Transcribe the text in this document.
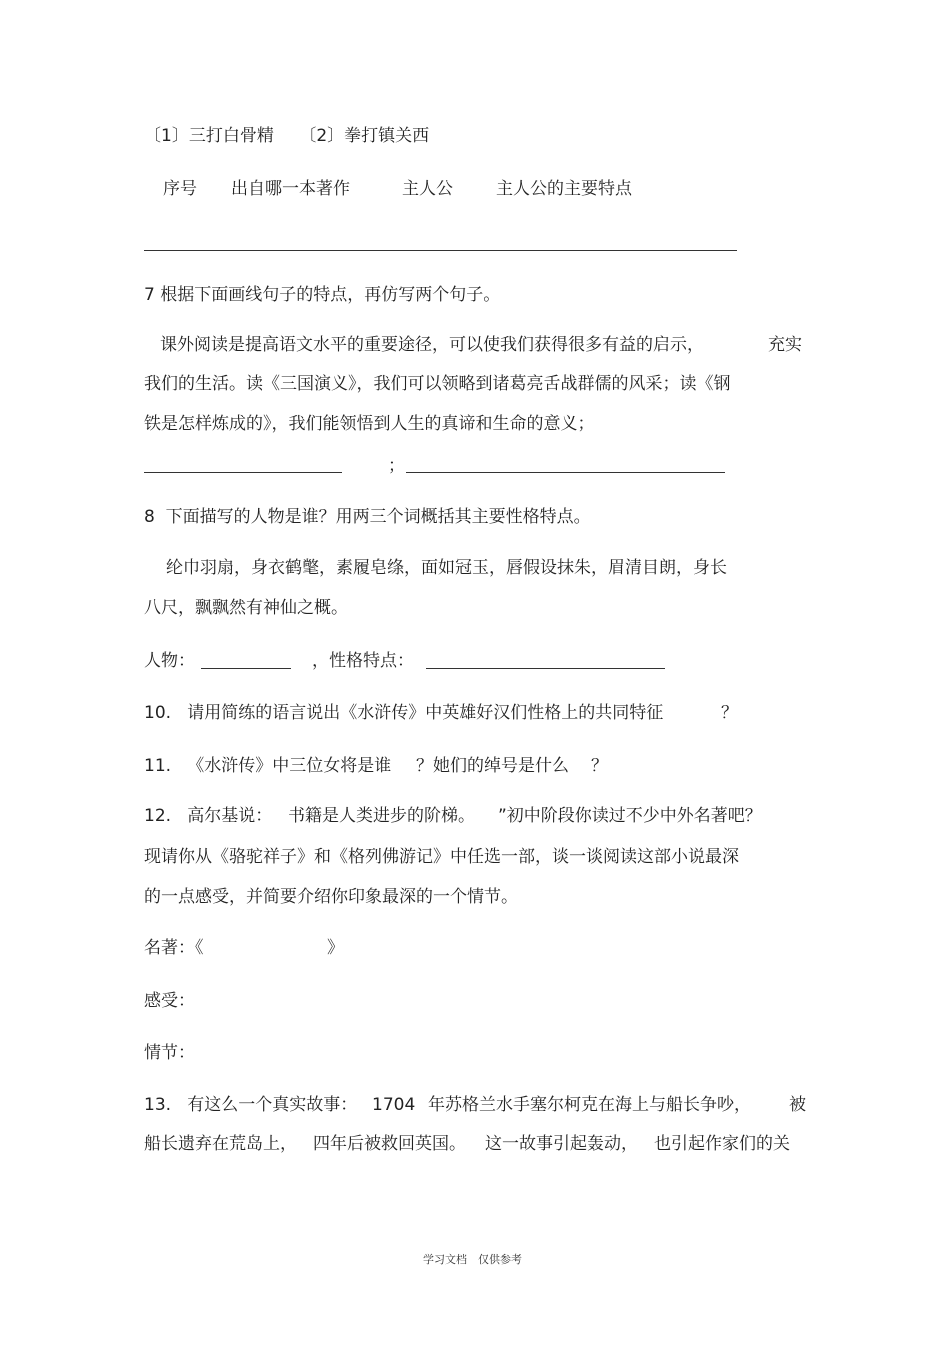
〔1〕三打白骨精　　〔2〕拳打镇关西
序号 出自哪一本著作	主人公	主人公的主要特点
7 根据下面画线句子的特点，再仿写两个句子。
课外阅读是提高语文水平的重要途径，可以使我们获得很多有益的启示，	充实
我们的生活。读《三国演义》，我们可以领略到诸葛亮舌战群儒的风采；读《钢
铁是怎样炼成的》，我们能领悟到人生的真谛和生命的意义；
；
8  下面描写的人物是谁？用两三个词概括其主要性格特点。
纶巾羽扇，身衣鹤氅，素履皂绦，面如冠玉，唇假设抹朱，眉清目朗，身长
八尺，飘飘然有神仙之概。
人物：	，性格特点：
10.   请用简练的语言说出《水浒传》中英雄好汉们性格上的共同特征	？
11.   《水浒传》中三位女将是谁 ？她们的绰号是什么 ？
12.   高尔基说： 书籍是人类进步的阶梯。 ”初中阶段你读过不少中外名著吧？
现请你从《骆驼祥子》和《格列佛游记》中任选一部，谈一谈阅读这部小说最深
的一点感受，并简要介绍你印象最深的一个情节。
名著：《	》
感受：
情节：
13.   有这么一个真实故事： 1704 年苏格兰水手塞尔柯克在海上与船长争吵， 被
船长遗弃在荒岛上， 四年后被救回英国。 这一故事引起轰动， 也引起作家们的关
学习文档　仅供参考
